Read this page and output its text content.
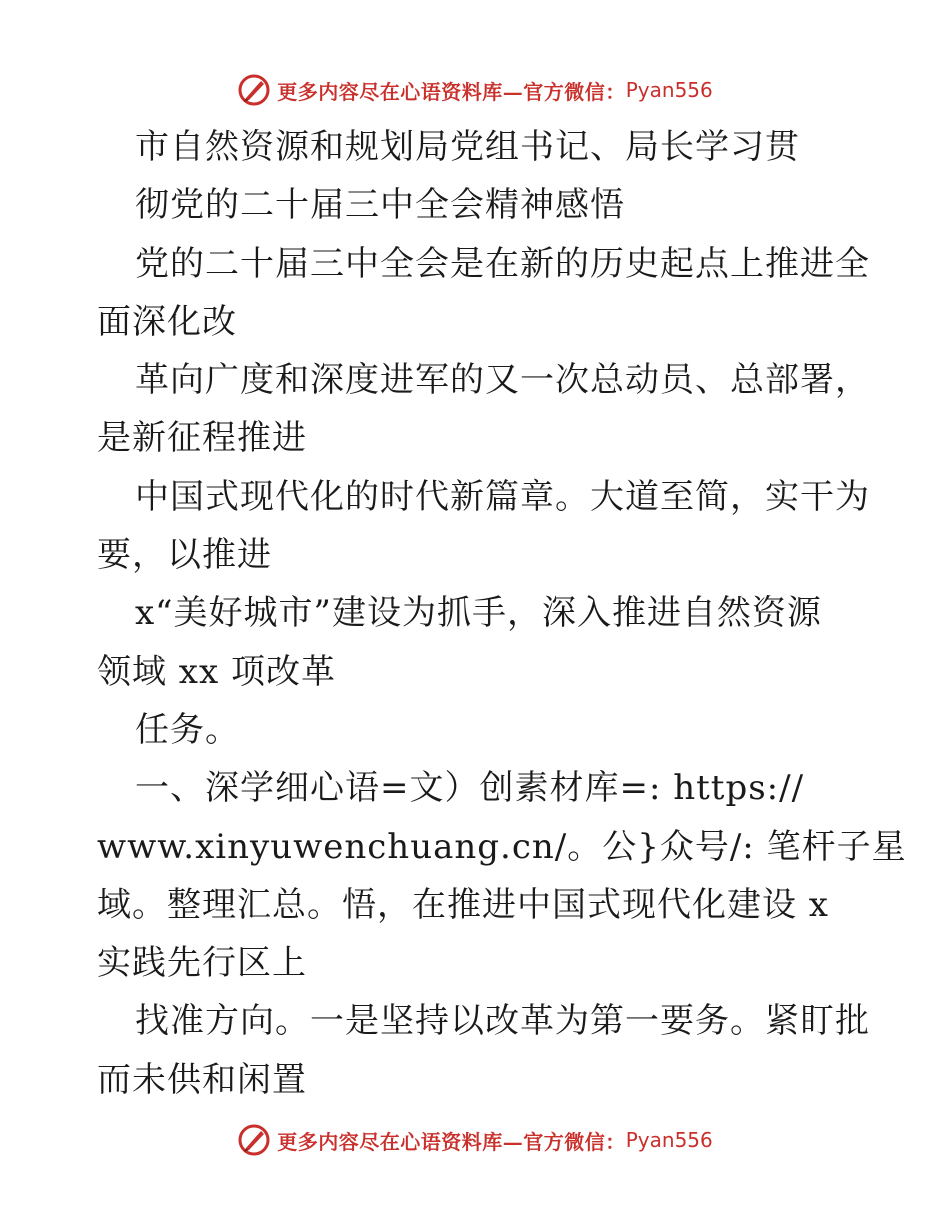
更多内容尽在心语资料库—官方微信： Pyan556
市自然资源和规划局党组书记、局长学习贯
彻党的二十届三中全会精神感悟
党的二十届三中全会是在新的历史起点上推进全
面深化改
革向广度和深度进军的又一次总动员、总部署，
是新征程推进
中国式现代化的时代新篇章。大道至简，实干为
要，以推进
x“美好城市”建设为抓手，深入推进自然资源
领域 xx 项改革
任务。
一、深学细心语=文）创素材库=: https://
www.xinyuwenchuang.cn/。公}众号/: 笔杆子星
域。整理汇总。悟，在推进中国式现代化建设 x
实践先行区上
找准方向。一是坚持以改革为第一要务。紧盯批
而未供和闲置
更多内容尽在心语资料库—官方微信： Pyan556
